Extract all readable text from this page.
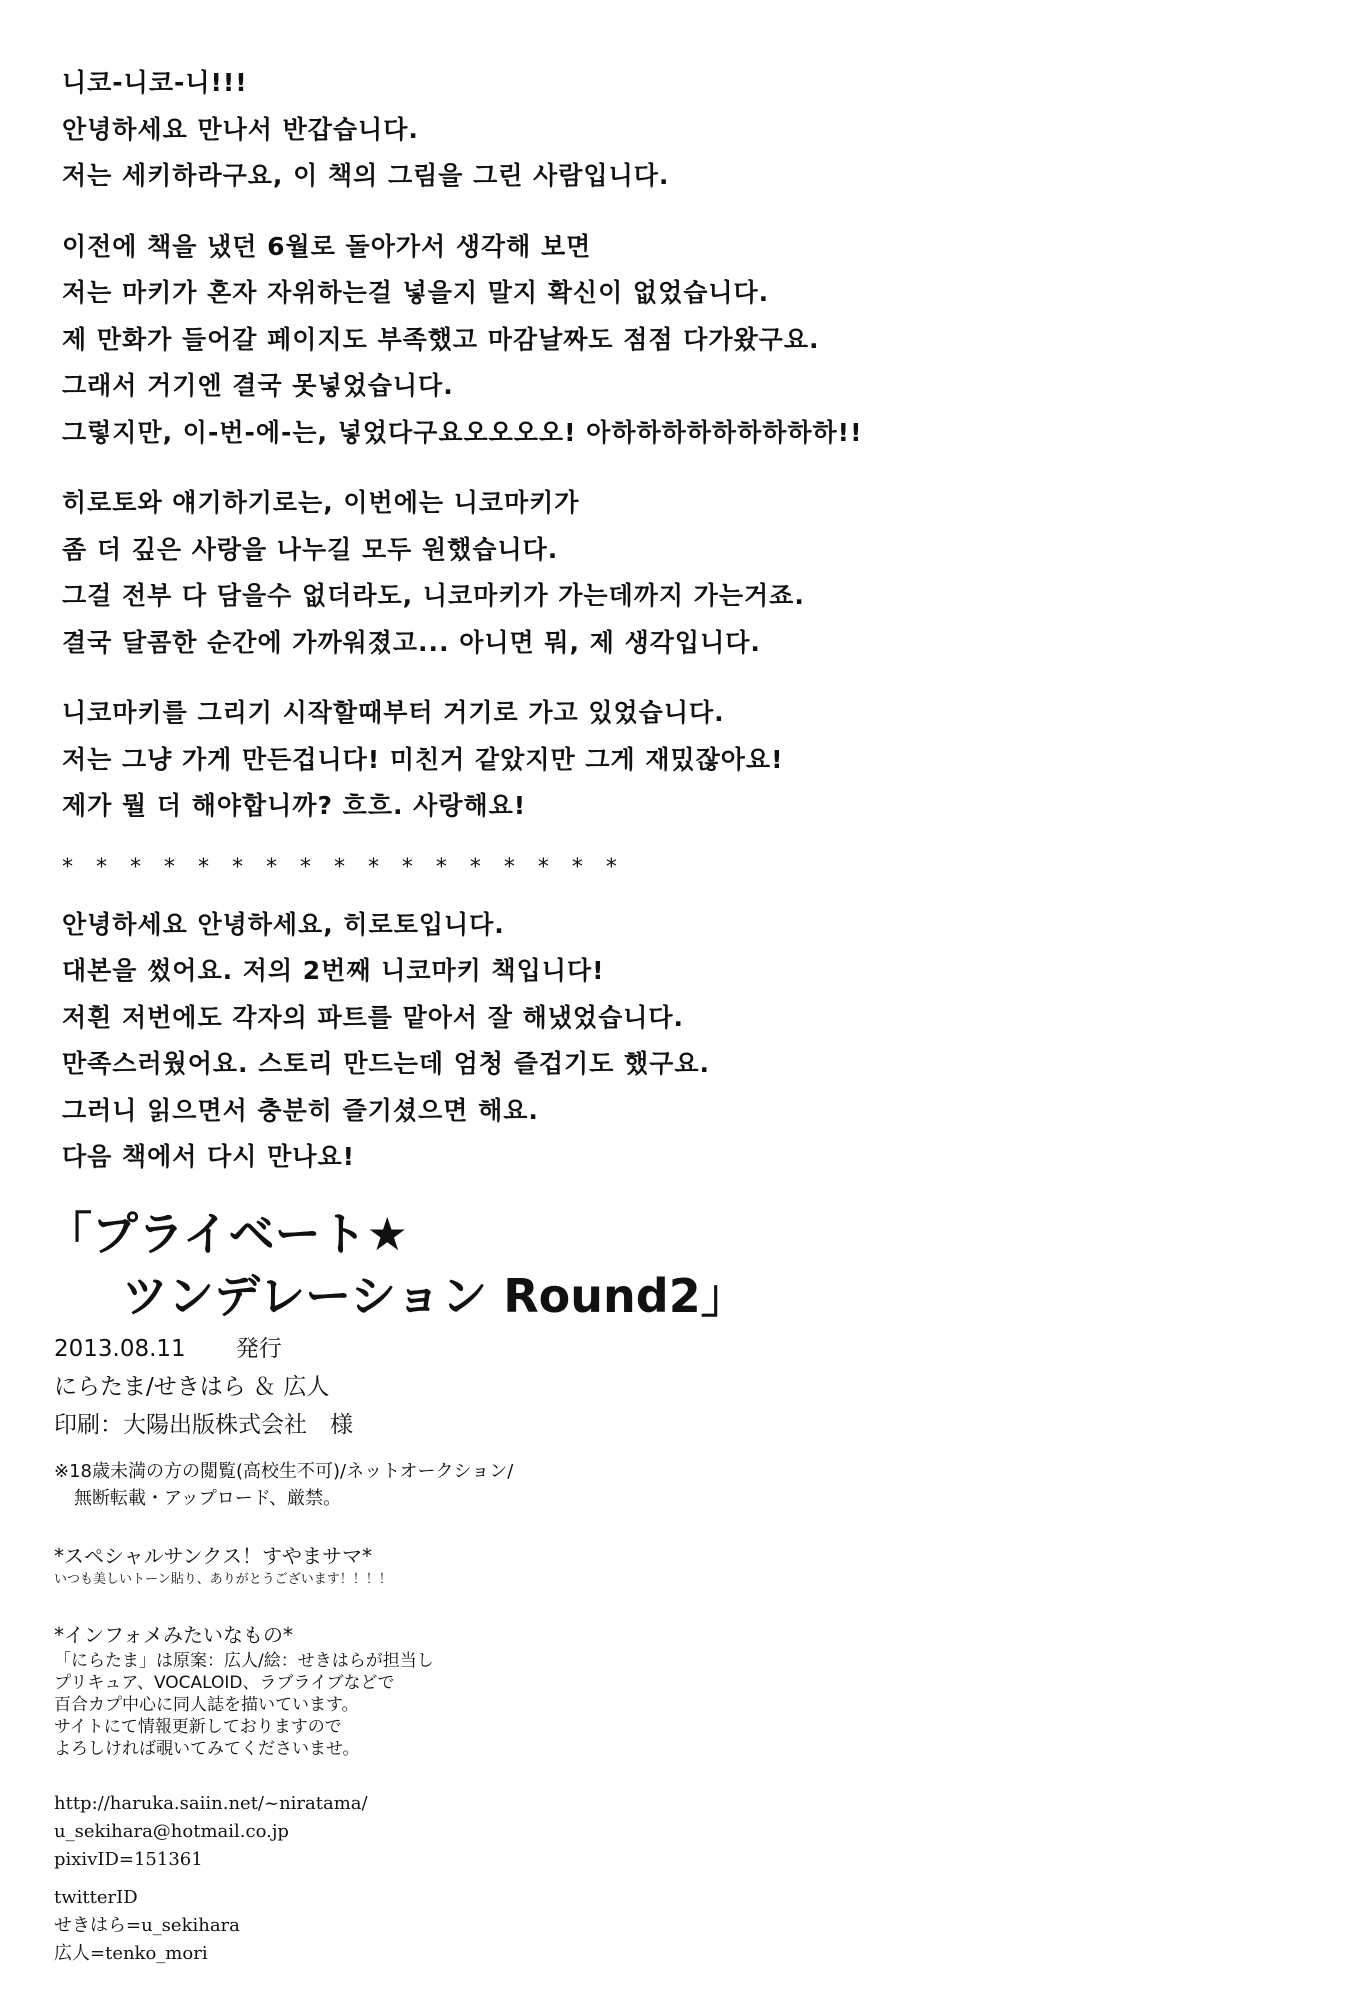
니코-니코-니!!!
안녕하세요 만나서 반갑습니다.
저는 세키하라구요, 이 책의 그림을 그린 사람입니다.
이전에 책을 냈던 6월로 돌아가서 생각해 보면
저는 마키가 혼자 자위하는걸 넣을지 말지 확신이 없었습니다.
제 만화가 들어갈 페이지도 부족했고 마감날짜도 점점 다가왔구요.
그래서 거기엔 결국 못넣었습니다.
그렇지만, 이-번-에-는, 넣었다구요오오오오! 아하하하하하하하하하!!
히로토와 얘기하기로는, 이번에는 니코마키가
좀 더 깊은 사랑을 나누길 모두 원했습니다.
그걸 전부 다 담을수 없더라도, 니코마키가 가는데까지 가는거죠.
결국 달콤한 순간에 가까워졌고... 아니면 뭐, 제 생각입니다.
니코마키를 그리기 시작할때부터 거기로 가고 있었습니다.
저는 그냥 가게 만든겁니다! 미친거 같았지만 그게 재밌잖아요!
제가 뭘 더 해야합니까? 흐흐. 사랑해요!
* * * * * * * * * * * * * * * * *
안녕하세요 안녕하세요, 히로토입니다.
대본을 썼어요. 저의 2번째 니코마키 책입니다!
저흰 저번에도 각자의 파트를 맡아서 잘 해냈었습니다.
만족스러웠어요. 스토리 만드는데 엄청 즐겁기도 했구요.
그러니 읽으면서 충분히 즐기셨으면 해요.
다음 책에서 다시 만나요!
「プライベート★
ツンデレーション Round2」
2013.08.11 発行
にらたま/せきはら ＆ 広人
印刷：大陽出版株式会社　様
※18歳未満の方の閲覧(高校生不可)/ネットオークション/
無断転載・アップロード、厳禁。
*スペシャルサンクス！すやまサマ*
いつも美しいトーン貼り、ありがとうございます！！！！
*インフォメみたいなもの*
「にらたま」は原案：広人/絵：せきはらが担当し
プリキュア、VOCALOID、ラブライブなどで
百合カプ中心に同人誌を描いています。
サイトにて情報更新しておりますので
よろしければ覗いてみてくださいませ。
http://haruka.saiin.net/~niratama/
u_sekihara@hotmail.co.jp
pixivID=151361
twitterID
せきはら=u_sekihara
広人=tenko_mori
